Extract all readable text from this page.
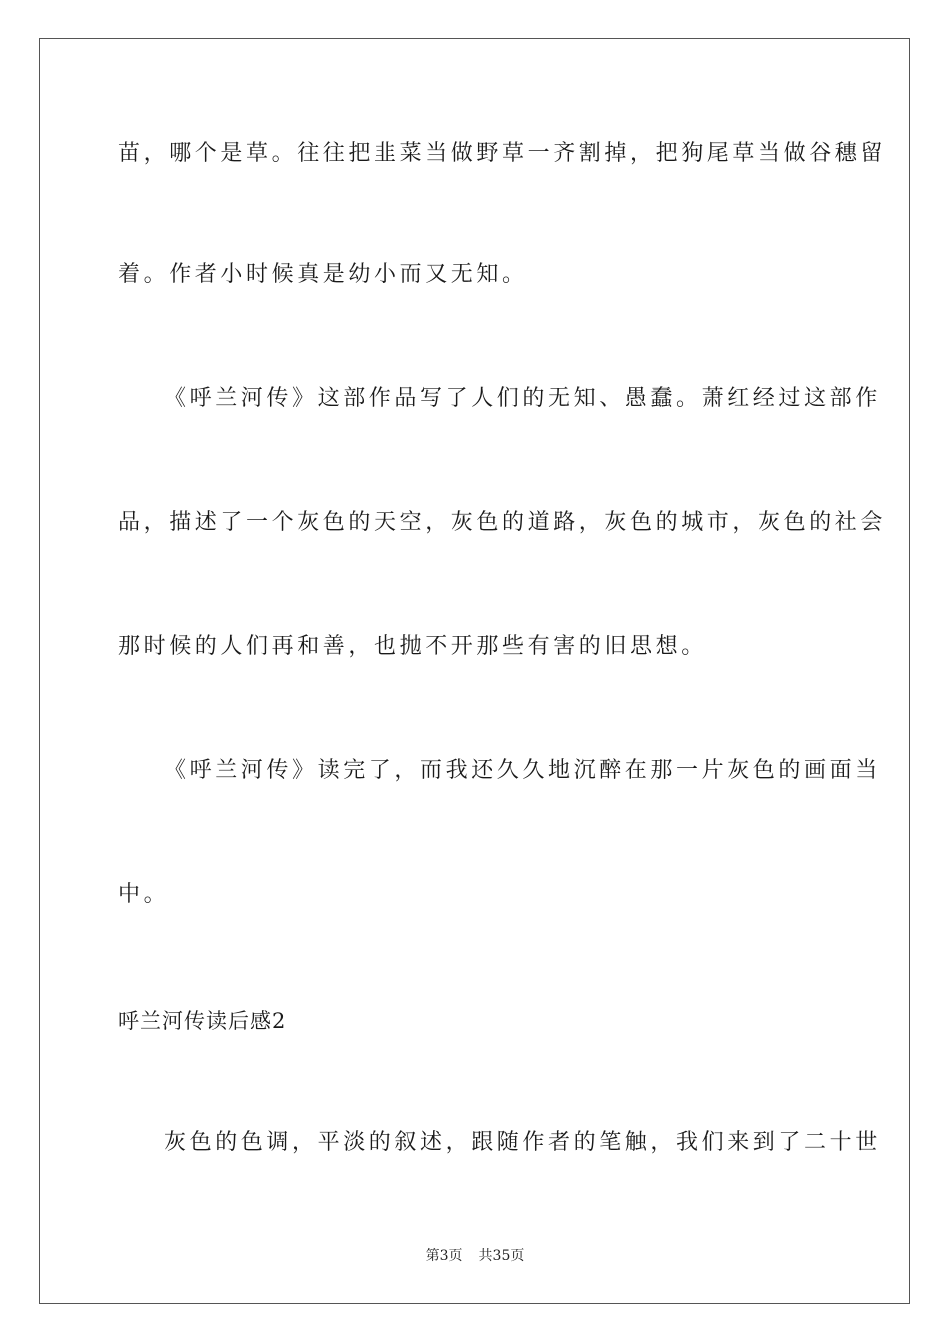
苗，哪个是草。往往把韭菜当做野草一齐割掉，把狗尾草当做谷穗留
着。作者小时候真是幼小而又无知。
《呼兰河传》这部作品写了人们的无知、愚蠢。萧红经过这部作
品，描述了一个灰色的天空，灰色的道路，灰色的城市，灰色的社会
那时候的人们再和善，也抛不开那些有害的旧思想。
《呼兰河传》读完了，而我还久久地沉醉在那一片灰色的画面当
中。
呼兰河传读后感2
灰色的色调，平淡的叙述，跟随作者的笔触，我们来到了二十世
第3页 共35页
